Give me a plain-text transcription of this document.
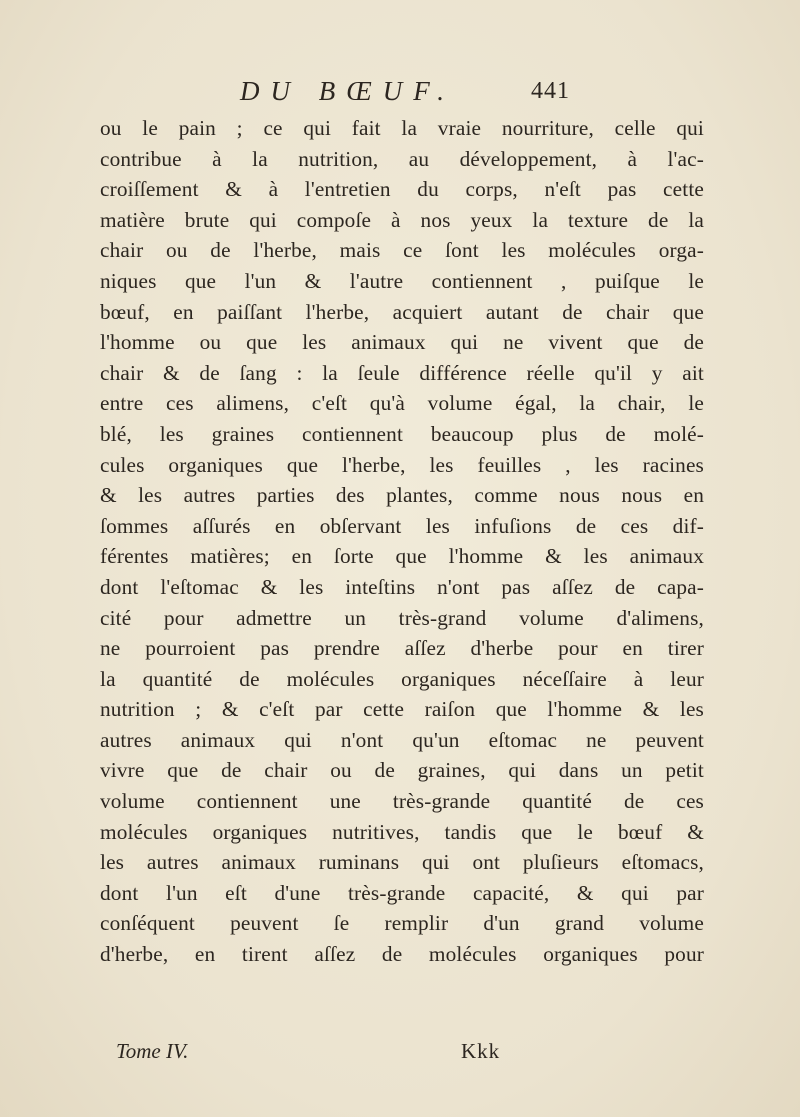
DU BŒUF.	441
ou le pain ; ce qui fait la vraie nourriture, celle qui
contribue à la nutrition, au développement, à l'ac-
croiſſement & à l'entretien du corps, n'eſt pas cette
matière brute qui compoſe à nos yeux la texture de la
chair ou de l'herbe, mais ce ſont les molécules orga-
niques que l'un & l'autre contiennent , puiſque le
bœuf, en paiſſant l'herbe, acquiert autant de chair que
l'homme ou que les animaux qui ne vivent que de
chair & de ſang : la ſeule différence réelle qu'il y ait
entre ces alimens, c'eſt qu'à volume égal, la chair, le
blé, les graines contiennent beaucoup plus de molé-
cules organiques que l'herbe, les feuilles , les racines
& les autres parties des plantes, comme nous nous en
ſommes aſſurés en obſervant les infuſions de ces dif-
férentes matières; en ſorte que l'homme & les animaux
dont l'eſtomac & les inteſtins n'ont pas aſſez de capa-
cité pour admettre un très-grand volume d'alimens,
ne pourroient pas prendre aſſez d'herbe pour en tirer
la quantité de molécules organiques néceſſaire à leur
nutrition ; & c'eſt par cette raiſon que l'homme & les
autres animaux qui n'ont qu'un eſtomac ne peuvent
vivre que de chair ou de graines, qui dans un petit
volume contiennent une très-grande quantité de ces
molécules organiques nutritives, tandis que le bœuf &
les autres animaux ruminans qui ont pluſieurs eſtomacs,
dont l'un eſt d'une très-grande capacité, & qui par
conſéquent peuvent ſe remplir d'un grand volume
d'herbe, en tirent aſſez de molécules organiques pour
Tome IV.	Kkk
